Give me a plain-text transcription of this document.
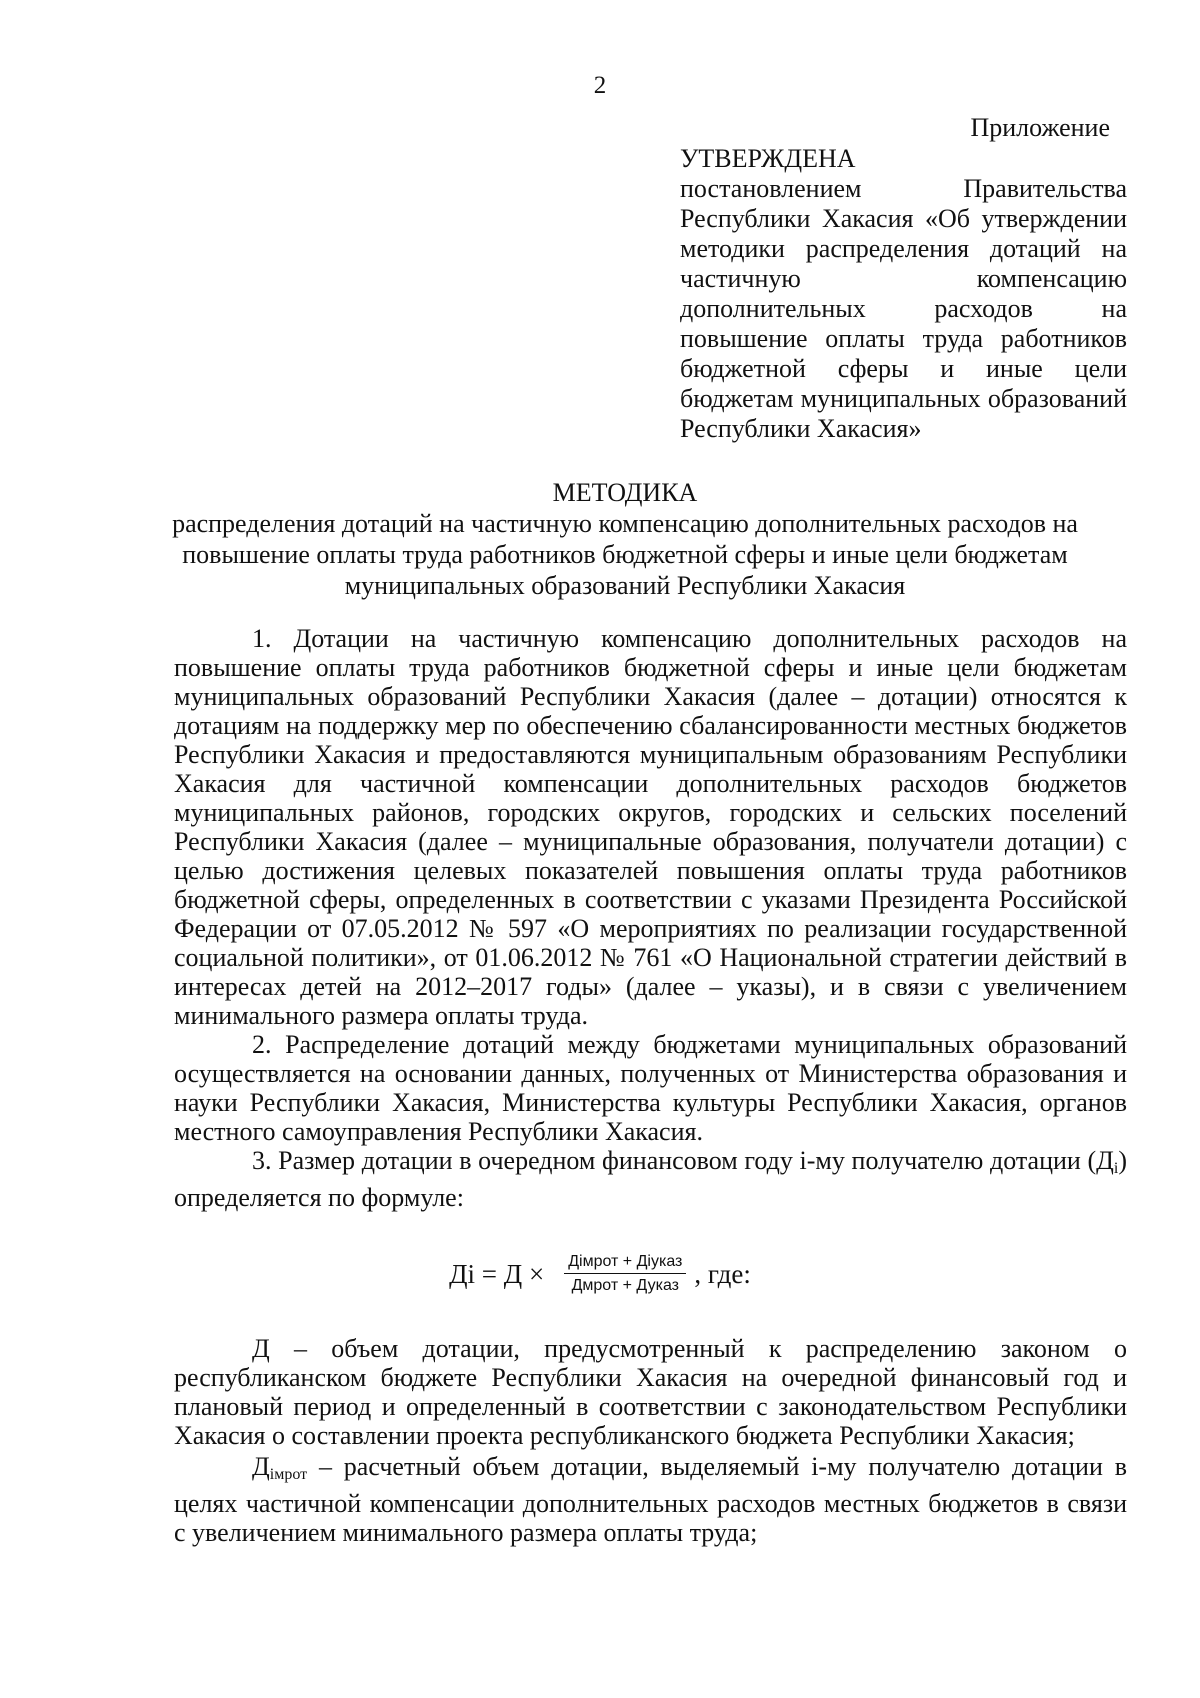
2
Приложение
УТВЕРЖДЕНА
постановлением Правительства Республики Хакасия «Об утверждении методики распределения дотаций на частичную компенсацию дополнительных расходов на повышение оплаты труда работников бюджетной сферы и иные цели бюджетам муниципальных образований Республики Хакасия»
МЕТОДИКА
распределения дотаций на частичную компенсацию дополнительных расходов на повышение оплаты труда работников бюджетной сферы и иные цели бюджетам муниципальных образований Республики Хакасия

1. Дотации на частичную компенсацию дополнительных расходов на повышение оплаты труда работников бюджетной сферы и иные цели бюджетам муниципальных образований Республики Хакасия (далее – дотации) относятся к дотациям на поддержку мер по обеспечению сбалансированности местных бюджетов Республики Хакасия и предоставляются муниципальным образованиям Республики Хакасия для частичной компенсации дополнительных расходов бюджетов муниципальных районов, городских округов, городских и сельских поселений Республики Хакасия (далее – муниципальные образования, получатели дотации) с целью достижения целевых показателей повышения оплаты труда работников бюджетной сферы, определенных в соответствии с указами Президента Российской Федерации от 07.05.2012 № 597 «О мероприятиях по реализации государственной социальной политики», от 01.06.2012 № 761 «О Национальной стратегии действий в интересах детей на 2012–2017 годы» (далее – указы), и в связи с увеличением минимального размера оплаты труда.

2. Распределение дотаций между бюджетами муниципальных образований осуществляется на основании данных, полученных от Министерства образования и науки Республики Хакасия, Министерства культуры Республики Хакасия, органов местного самоуправления Республики Хакасия.

3. Размер дотации в очередном финансовом году i-му получателю дотации $(Д_i)$ определяется по формуле:

Дi = $Д \times \frac{\text{Дiмрот + Дiуказ}}{\text{Дмрот + Дуказ}}$ , где:

Д – объем дотации, предусмотренный к распределению законом о республиканском бюджете Республики Хакасия на очередной финансовый год и плановый период и определенный в соответствии с законодательством Республики Хакасия о составлении проекта республиканского бюджета Республики Хакасия;

$Д_{iмрот}$ – расчетный объем дотации, выделяемый i-му получателю дотации в целях частичной компенсации дополнительных расходов местных бюджетов в связи с увеличением минимального размера оплаты труда;
